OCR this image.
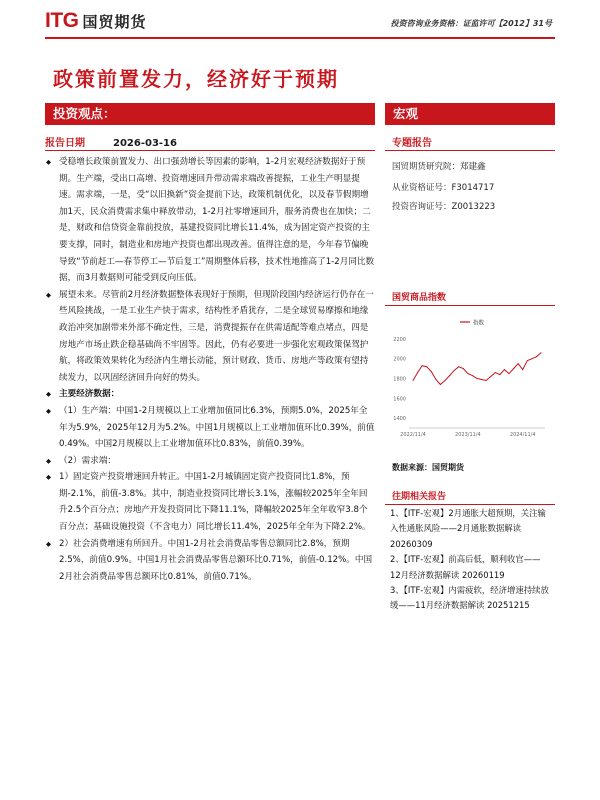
ITG 国贸期货	投资咨询业务资格：证监许可【2012】31号
政策前置发力，经济好于预期
投资观点：	宏观
报告日期	2026-03-16

◆ 受稳增长政策前置发力、出口强劲增长等因素的影响，1-2月宏观经济数据好于预期。生产端，受出口高增、投资增速回升带动需求端改善提振，工业生产明显提速。需求端，一是，受“以旧换新”资金提前下达，政策机制优化，以及春节假期增加1天，民众消费需求集中释放带动，1-2月社零增速回升，服务消费也在加快；二是，财政和信贷资金靠前投放，基建投资同比增长11.4%，成为固定资产投资的主要支撑，同时，制造业和房地产投资也都出现改善。值得注意的是，今年春节偏晚导致“节前赶工—春节停工—节后复工”周期整体后移，技术性地推高了1-2月同比数据，而3月数据则可能受到反向压低。

◆ 展望未来。尽管前2月经济数据整体表现好于预期，但现阶段国内经济运行仍存在一些风险挑战，一是工业生产快于需求，结构性矛盾犹存，二是全球贸易摩擦和地缘政治冲突加剧带来外部不确定性，三是，消费提振存在供需适配等难点堵点，四是房地产市场止跌企稳基础尚不牢固等。因此，仍有必要进一步强化宏观政策保驾护航，将政策效果转化为经济内生增长动能，预计财政、货币、房地产等政策有望持续发力，以巩固经济回升向好的势头。

◆ 主要经济数据：

◆ （1）生产端：中国1-2月规模以上工业增加值同比6.3%，预期5.0%，2025年全年为5.9%，2025年12月为5.2%。中国1月规模以上工业增加值环比0.39%，前值0.49%。中国2月规模以上工业增加值环比0.83%，前值0.39%。

◆ （2）需求端：

◆ 1）固定资产投资增速回升转正。中国1-2月城镇固定资产投资同比1.8%，预期-2.1%，前值-3.8%。其中，制造业投资同比增长3.1%，涨幅较2025年全年回升2.5个百分点；房地产开发投资同比下降11.1%，降幅较2025年全年收窄3.8个百分点；基础设施投资（不含电力）同比增长11.4%，2025年全年为下降2.2%。

◆ 2）社会消费增速有所回升。中国1-2月社会消费品零售总额同比2.8%，预期2.5%，前值0.9%。中国1月社会消费品零售总额环比0.71%，前值-0.12%。中国2月社会消费品零售总额环比0.81%，前值0.71%。

专题报告
国贸期货研究院：郑建鑫
从业资格证号：F3014717
投资咨询证号：Z0013223
国贸商品指数
指数
1400
1600
1800
2000
2200
2022/11/4	2023/11/4	2024/11/4
数据来源：国贸期货
往期相关报告
1、【ITF-宏观】2月通胀大超预期，关注输入性通胀风险——2月通胀数据解读 20260309
2、【ITF-宏观】前高后低，顺利收官——12月经济数据解读 20260119
3、【ITF-宏观】内需疲软，经济增速持续放缓——11月经济数据解读 20251215
